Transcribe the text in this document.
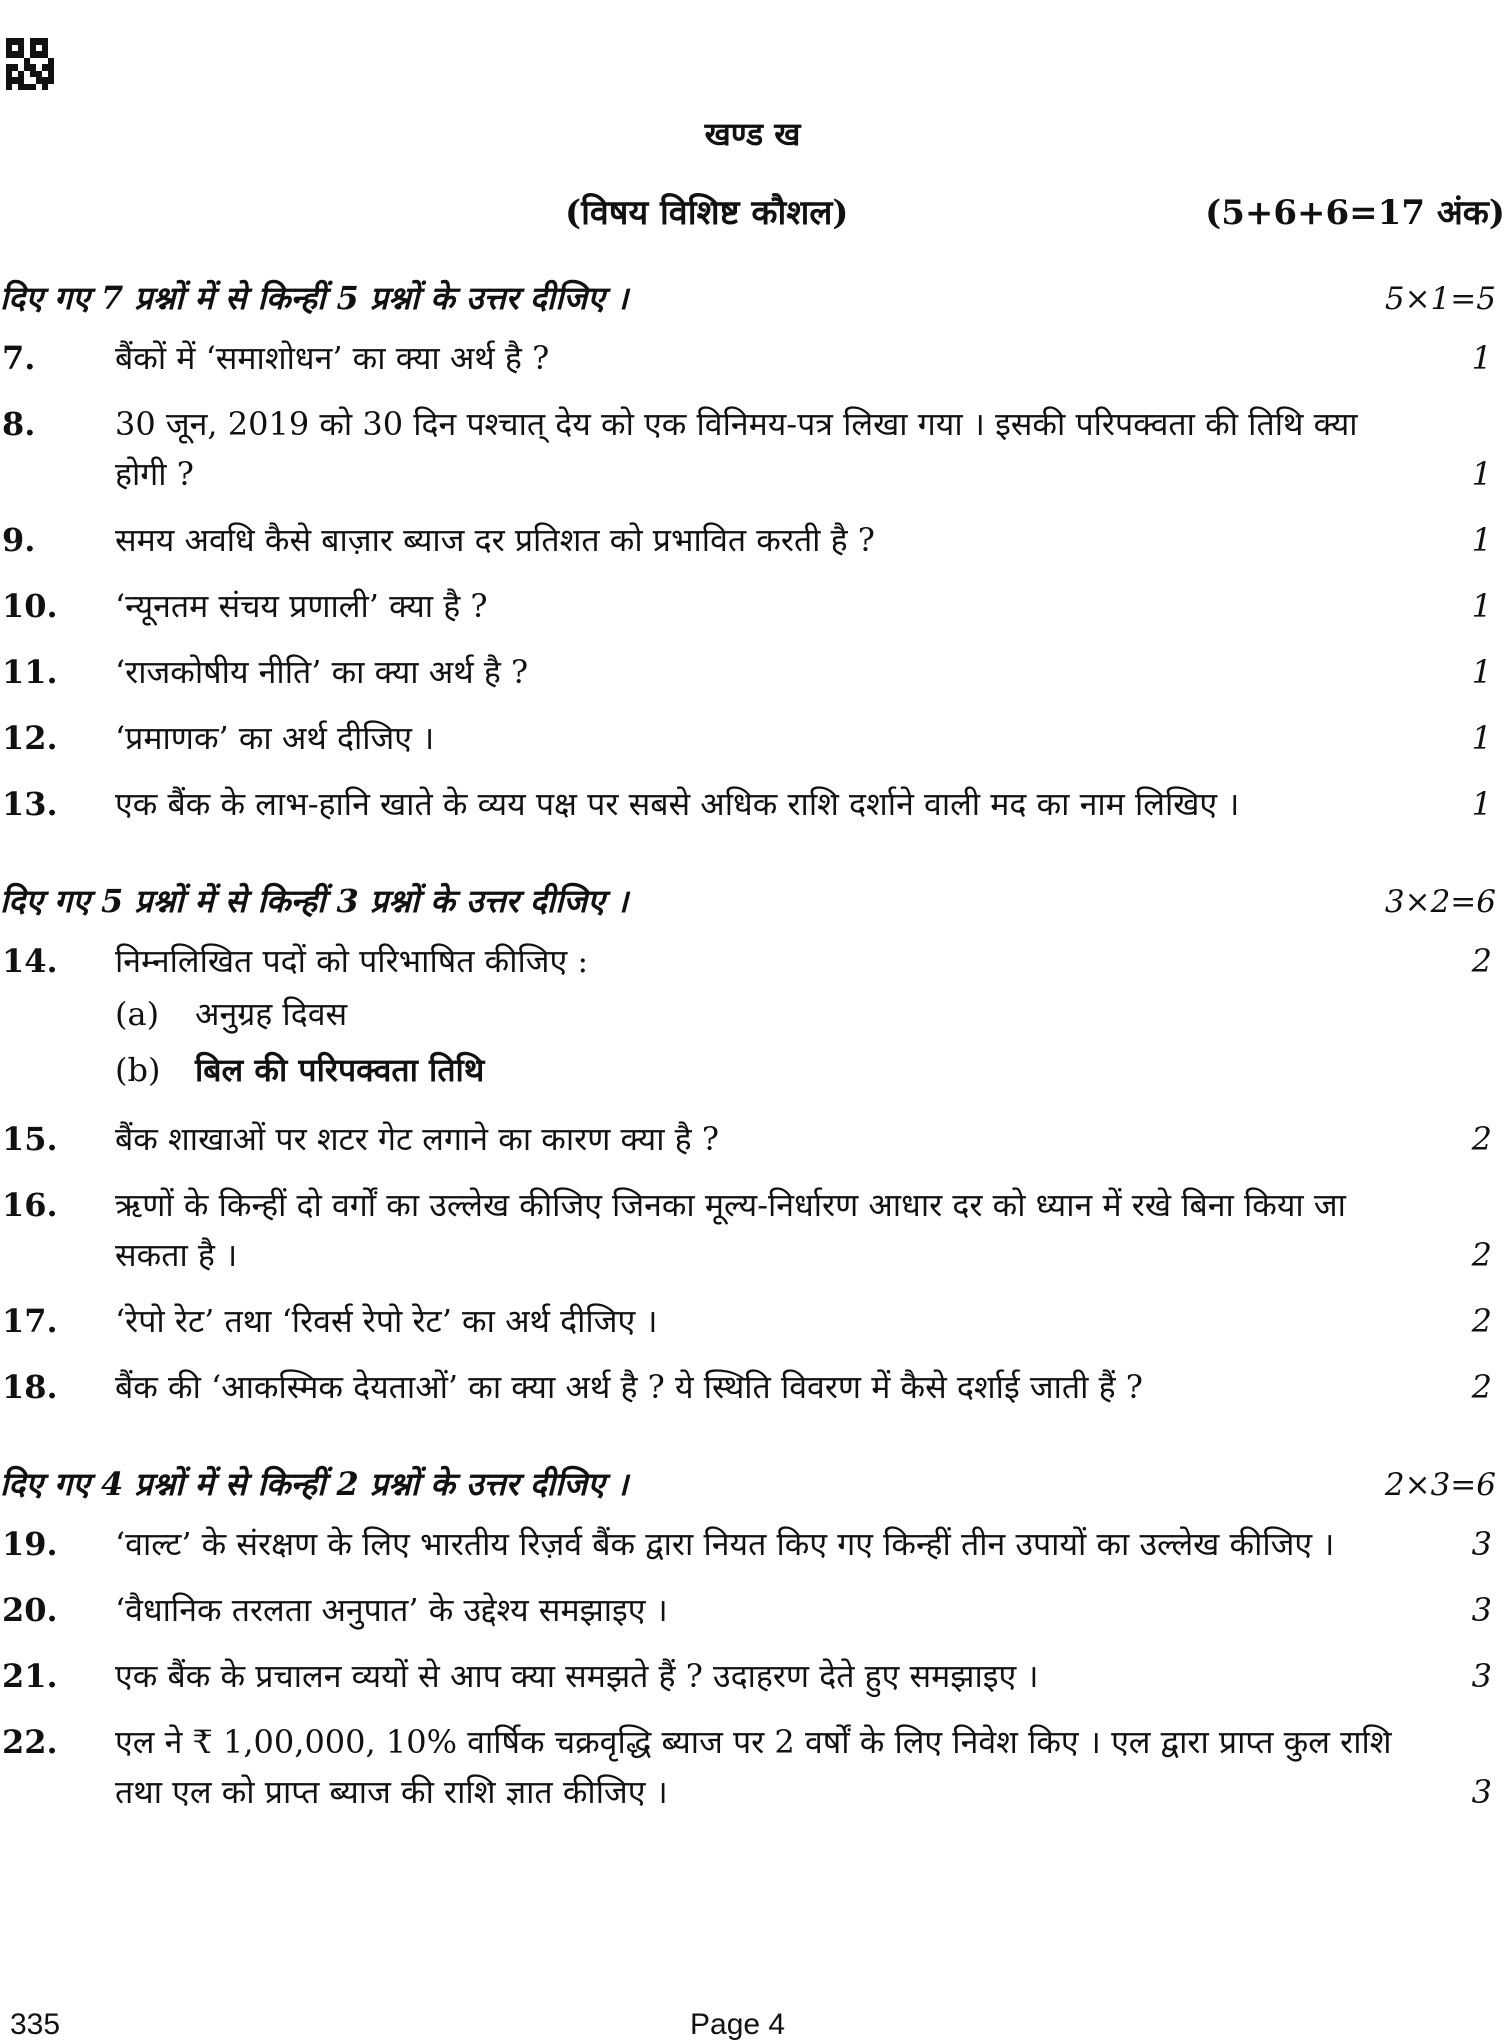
खण्ड ख
(विषय विशिष्ट कौशल)	(5+6+6=17 अंक)
दिए गए 7 प्रश्नों में से किन्हीं 5 प्रश्नों के उत्तर दीजिए ।	5×1=5
7.	बैंकों में ‘समाशोधन’ का क्या अर्थ है ?	1
8.	30 जून, 2019 को 30 दिन पश्चात् देय को एक विनिमय-पत्र लिखा गया । इसकी परिपक्वता की तिथि क्या होगी ?	1
9.	समय अवधि कैसे बाज़ार ब्याज दर प्रतिशत को प्रभावित करती है ?	1
10.	‘न्यूनतम संचय प्रणाली’ क्या है ?	1
11.	‘राजकोषीय नीति’ का क्या अर्थ है ?	1
12.	‘प्रमाणक’ का अर्थ दीजिए ।	1
13.	एक बैंक के लाभ-हानि खाते के व्यय पक्ष पर सबसे अधिक राशि दर्शाने वाली मद का नाम लिखिए ।	1
दिए गए 5 प्रश्नों में से किन्हीं 3 प्रश्नों के उत्तर दीजिए ।	3×2=6
14.	निम्नलिखित पदों को परिभाषित कीजिए :	2
(a)	अनुग्रह दिवस
(b)	बिल की परिपक्वता तिथि
15.	बैंक शाखाओं पर शटर गेट लगाने का कारण क्या है ?	2
16.	ऋणों के किन्हीं दो वर्गों का उल्लेख कीजिए जिनका मूल्य-निर्धारण आधार दर को ध्यान में रखे बिना किया जा सकता है ।	2
17.	‘रेपो रेट’ तथा ‘रिवर्स रेपो रेट’ का अर्थ दीजिए ।	2
18.	बैंक की ‘आकस्मिक देयताओं’ का क्या अर्थ है ? ये स्थिति विवरण में कैसे दर्शाई जाती हैं ?	2
दिए गए 4 प्रश्नों में से किन्हीं 2 प्रश्नों के उत्तर दीजिए ।	2×3=6
19.	‘वाल्ट’ के संरक्षण के लिए भारतीय रिज़र्व बैंक द्वारा नियत किए गए किन्हीं तीन उपायों का उल्लेख कीजिए ।	3
20.	‘वैधानिक तरलता अनुपात’ के उद्देश्य समझाइए ।	3
21.	एक बैंक के प्रचालन व्ययों से आप क्या समझते हैं ? उदाहरण देते हुए समझाइए ।	3
22.	एल ने ₹ 1,00,000, 10% वार्षिक चक्रवृद्धि ब्याज पर 2 वर्षों के लिए निवेश किए । एल द्वारा प्राप्त कुल राशि तथा एल को प्राप्त ब्याज की राशि ज्ञात कीजिए ।	3
335	Page 4
